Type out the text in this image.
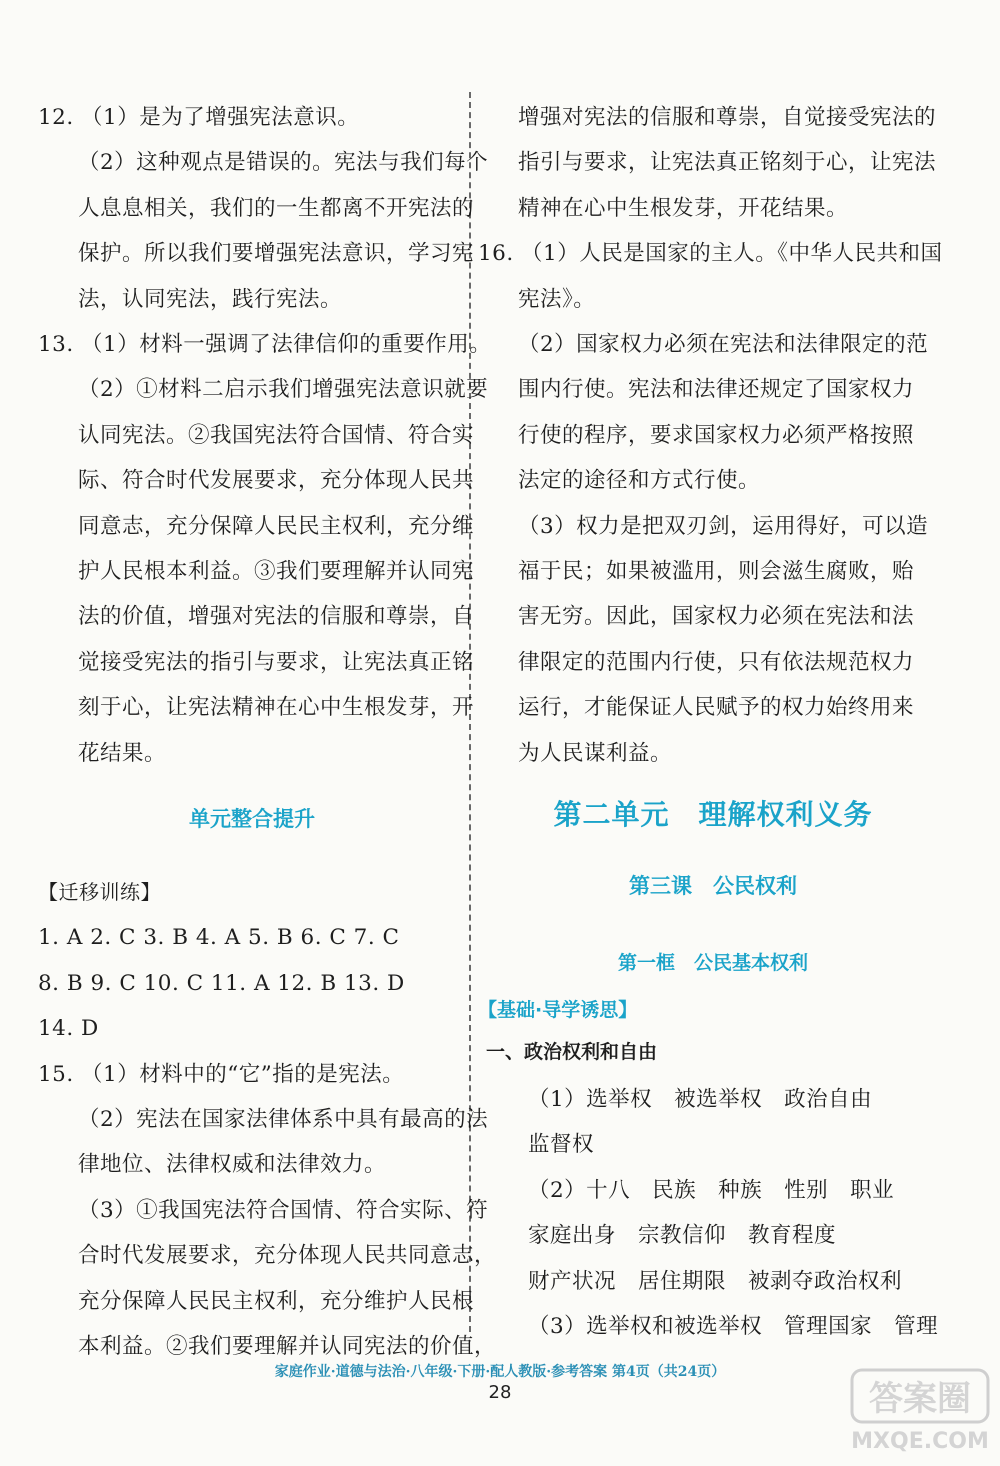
12. （1）是为了增强宪法意识。
（2）这种观点是错误的。宪法与我们每个
人息息相关，我们的一生都离不开宪法的
保护。所以我们要增强宪法意识，学习宪
法，认同宪法，践行宪法。
13. （1）材料一强调了法律信仰的重要作用。
（2）①材料二启示我们增强宪法意识就要
认同宪法。②我国宪法符合国情、符合实
际、符合时代发展要求，充分体现人民共
同意志，充分保障人民民主权利，充分维
护人民根本利益。③我们要理解并认同宪
法的价值，增强对宪法的信服和尊崇，自
觉接受宪法的指引与要求，让宪法真正铭
刻于心，让宪法精神在心中生根发芽，开
花结果。
单元整合提升
【迁移训练】
1. A 2. C 3. B 4. A 5. B 6. C 7. C
8. B 9. C 10. C 11. A 12. B 13. D
14. D
15. （1）材料中的“它”指的是宪法。
（2）宪法在国家法律体系中具有最高的法
律地位、法律权威和法律效力。
（3）①我国宪法符合国情、符合实际、符
合时代发展要求，充分体现人民共同意志，
充分保障人民民主权利，充分维护人民根
本利益。②我们要理解并认同宪法的价值，
增强对宪法的信服和尊崇，自觉接受宪法的
指引与要求，让宪法真正铭刻于心，让宪法
精神在心中生根发芽，开花结果。
16. （1）人民是国家的主人。《中华人民共和国
宪法》。
（2）国家权力必须在宪法和法律限定的范
围内行使。宪法和法律还规定了国家权力
行使的程序，要求国家权力必须严格按照
法定的途径和方式行使。
（3）权力是把双刃剑，运用得好，可以造
福于民；如果被滥用，则会滋生腐败，贻
害无穷。因此，国家权力必须在宪法和法
律限定的范围内行使，只有依法规范权力
运行，才能保证人民赋予的权力始终用来
为人民谋利益。
第二单元　理解权利义务
第三课　公民权利
第一框　公民基本权利
【基础·导学诱思】
一、政治权利和自由
（1）选举权　被选举权　政治自由
监督权
（2）十八　民族　种族　性别　职业
家庭出身　宗教信仰　教育程度
财产状况　居住期限　被剥夺政治权利
（3）选举权和被选举权　管理国家　管理
家庭作业·道德与法治·八年级·下册·配人教版·参考答案 第4页（共24页）
28	答案圈
MXQE.COM
